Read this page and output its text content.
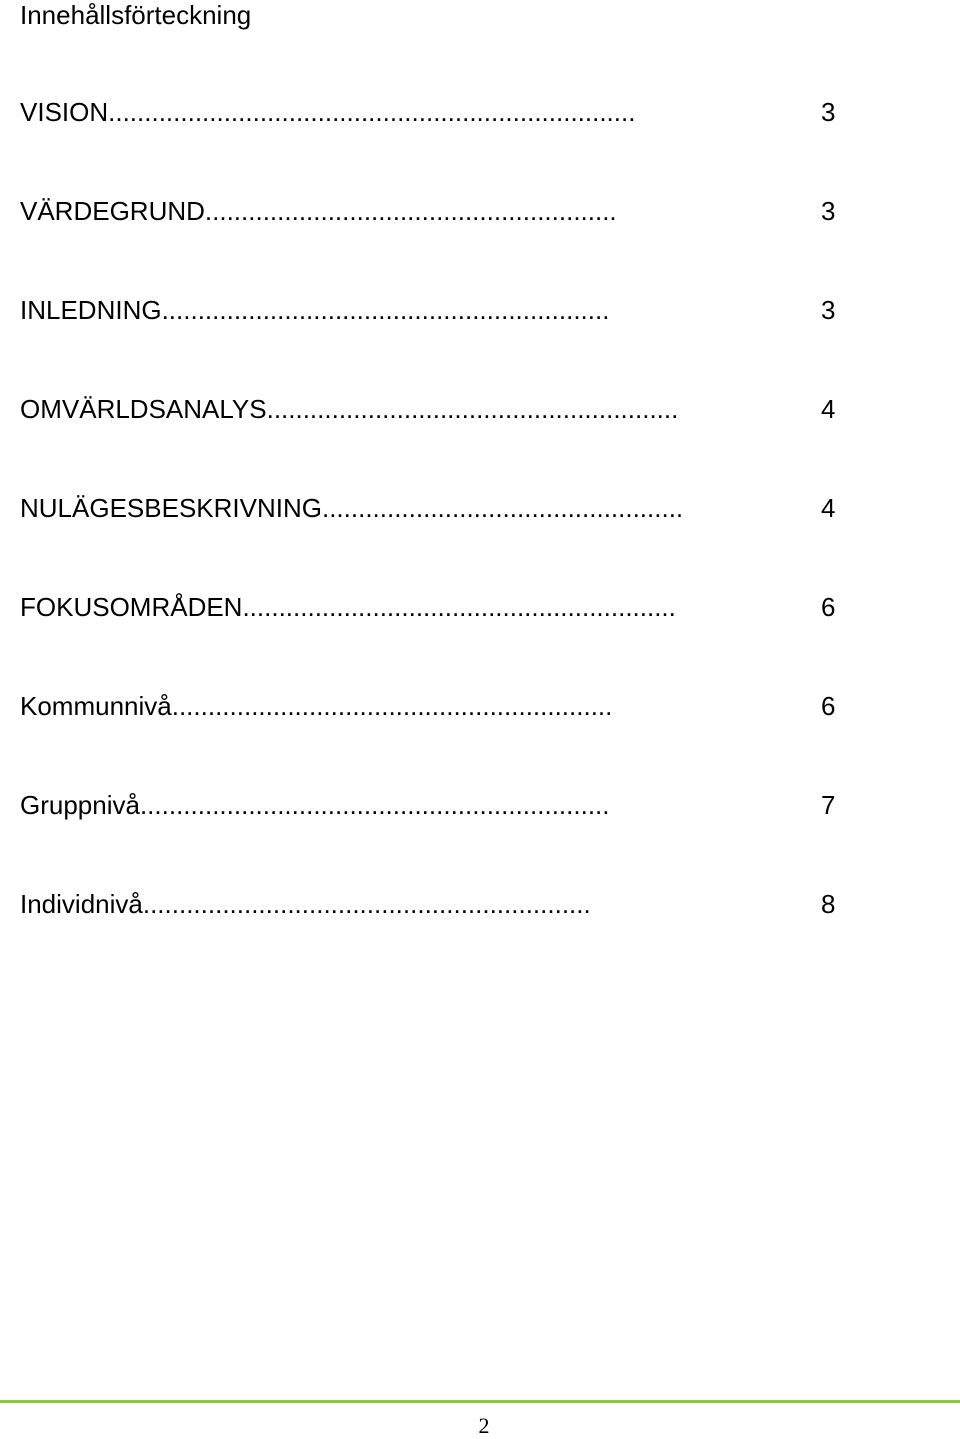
Innehållsförteckning
VISION.........................................................................	3
VÄRDEGRUND.........................................................	3
INLEDNING..............................................................	3
OMVÄRLDSANALYS.........................................................	4
NULÄGESBESKRIVNING..................................................	4
FOKUSOMRÅDEN............................................................	6
Kommunnivå.............................................................	6
Gruppnivå.................................................................	7
Individnivå..............................................................	8
2
